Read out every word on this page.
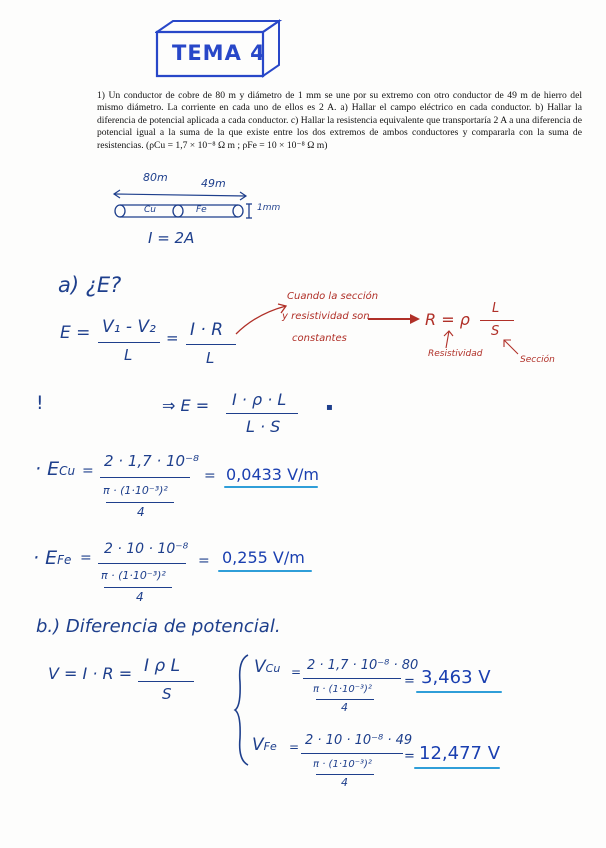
TEMA 4
1) Un conductor de cobre de 80 m y diámetro de 1 mm se une por su extremo con otro conductor de 49 m de hierro del mismo diámetro. La corriente en cada uno de ellos es 2 A. a) Hallar el campo eléctrico en cada conductor. b) Hallar la diferencia de potencial aplicada a cada conductor. c) Hallar la resistencia equivalente que transportaría 2 A a una diferencia de potencial igual a la suma de la que existe entre los dos extremos de ambos conductores y compararla con la suma de resistencias. (ρCu = 1,7 × 10⁻⁸ Ω m ; ρFe = 10 × 10⁻⁸ Ω m)
80m	49m
Cu	Fe	1mm
I = 2A
a) ¿E?
E = V₁ - V₂
L
= I · R
L
Cuando la sección
y resistividad son
constantes
R = ρ
L
S
Resistividad
Sección
!	▪
⇒ E = I · ρ · L
L · S
· ECu =
2 · 1,7 · 10⁻⁸
π · (1·10⁻³)²
4
= 0,0433 V/m
· EFe =
2 · 10 · 10⁻⁸
π · (1·10⁻³)²
4
= 0,255 V/m
b.) Diferencia de potencial.
V = I · R = I ρ L
S
VCu = 2 · 1,7 · 10⁻⁸ · 80
π · (1·10⁻³)²
4
= 3,463 V
VFe = 2 · 10 · 10⁻⁸ · 49
π · (1·10⁻³)²
4
= 12,477 V
